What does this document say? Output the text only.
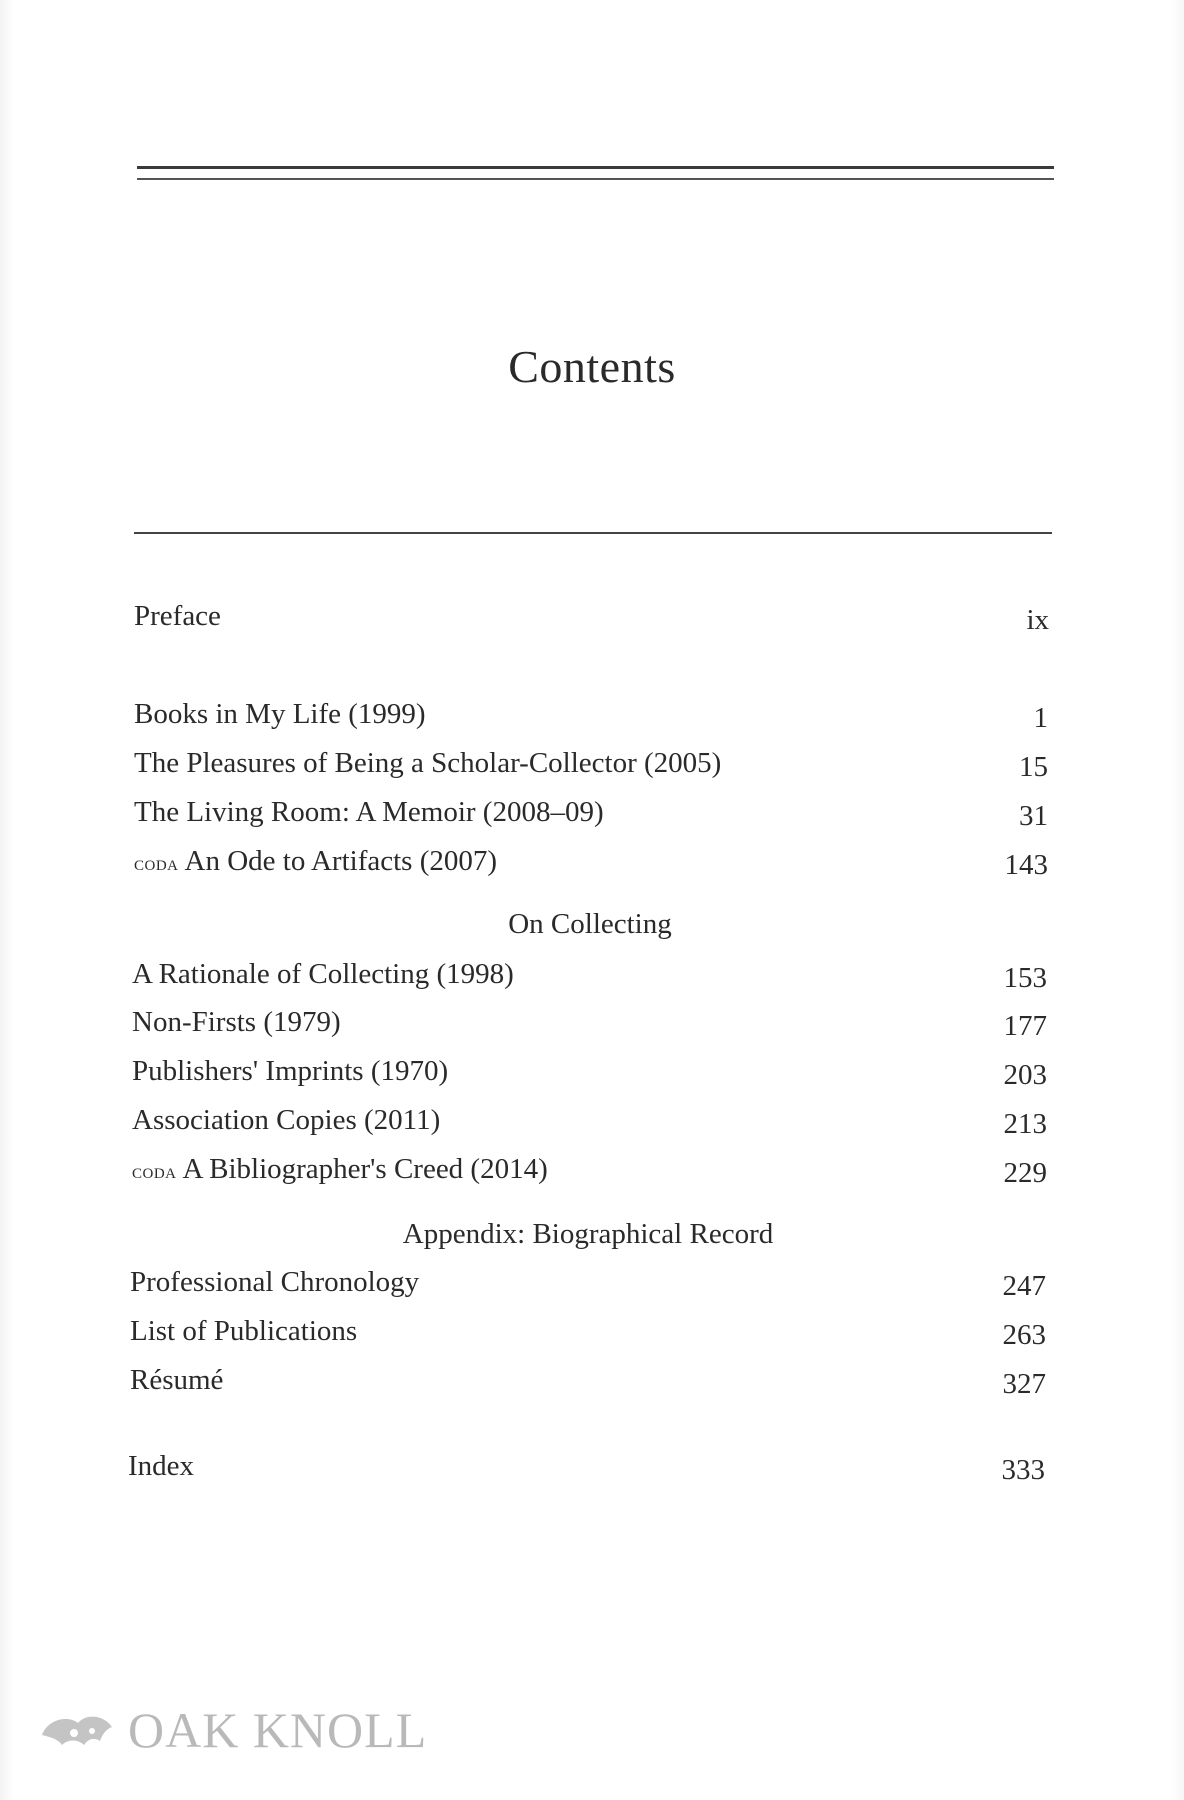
Contents
Preface	ix
Books in My Life (1999)	1
The Pleasures of Being a Scholar-Collector (2005)	15
The Living Room: A Memoir (2008–09)	31
coda An Ode to Artifacts (2007)	143
On Collecting
A Rationale of Collecting (1998)	153
Non-Firsts (1979)	177
Publishers' Imprints (1970)	203
Association Copies (2011)	213
coda A Bibliographer's Creed (2014)	229
Appendix: Biographical Record
Professional Chronology	247
List of Publications	263
Résumé	327
Index	333
OAK KNOLL
